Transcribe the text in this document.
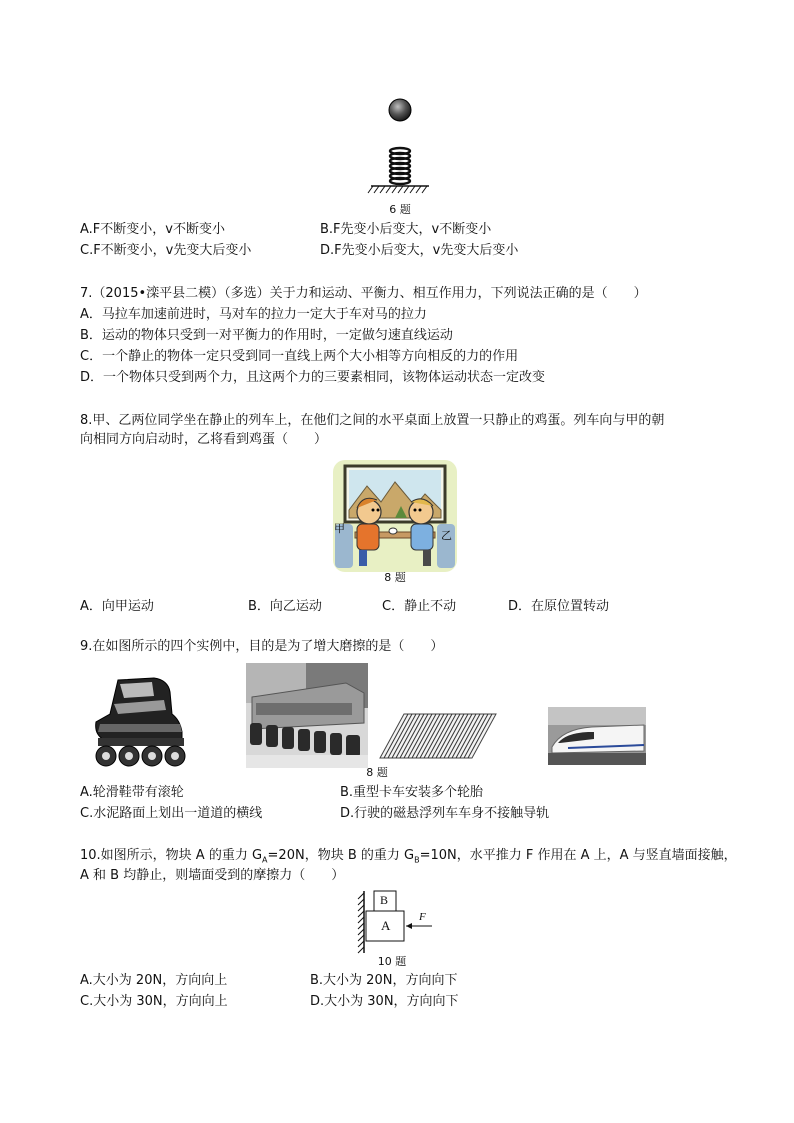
6 题
A.F不断变小，v不断变小	B.F先变小后变大，v不断变小
C.F不断变小，v先变大后变小	D.F先变小后变大，v先变大后变小
7.（2015•滦平县二模）（多选）关于力和运动、平衡力、相互作用力，下列说法正确的是（　　）
A．马拉车加速前进时，马对车的拉力一定大于车对马的拉力
B．运动的物体只受到一对平衡力的作用时，一定做匀速直线运动
C．一个静止的物体一定只受到同一直线上两个大小相等方向相反的力的作用
D．一个物体只受到两个力，且这两个力的三要素相同，该物体运动状态一定改变
8.甲、乙两位同学坐在静止的列车上，在他们之间的水平桌面上放置一只静止的鸡蛋。列车向与甲的朝
向相同方向启动时，乙将看到鸡蛋（　　）
甲
乙
8 题
A．向甲运动	B．向乙运动	C．静止不动	D．在原位置转动
9.在如图所示的四个实例中，目的是为了增大磨擦的是（　　）
8 题
A.轮滑鞋带有滚轮	B.重型卡车安装多个轮胎
C.水泥路面上划出一道道的横线	D.行驶的磁悬浮列车车身不接触导轨
10.如图所示，物块 A 的重力 $G_A=20N$，物块 B 的重力 $G_B=10N$，水平推力 F 作用在 A 上，A 与竖直墙面接触，
A 和 B 均静止，则墙面受到的摩擦力（　　）
B
A
F
10 题
A.大小为 20N，方向向上	B.大小为 20N，方向向下
C.大小为 30N，方向向上	D.大小为 30N，方向向下
